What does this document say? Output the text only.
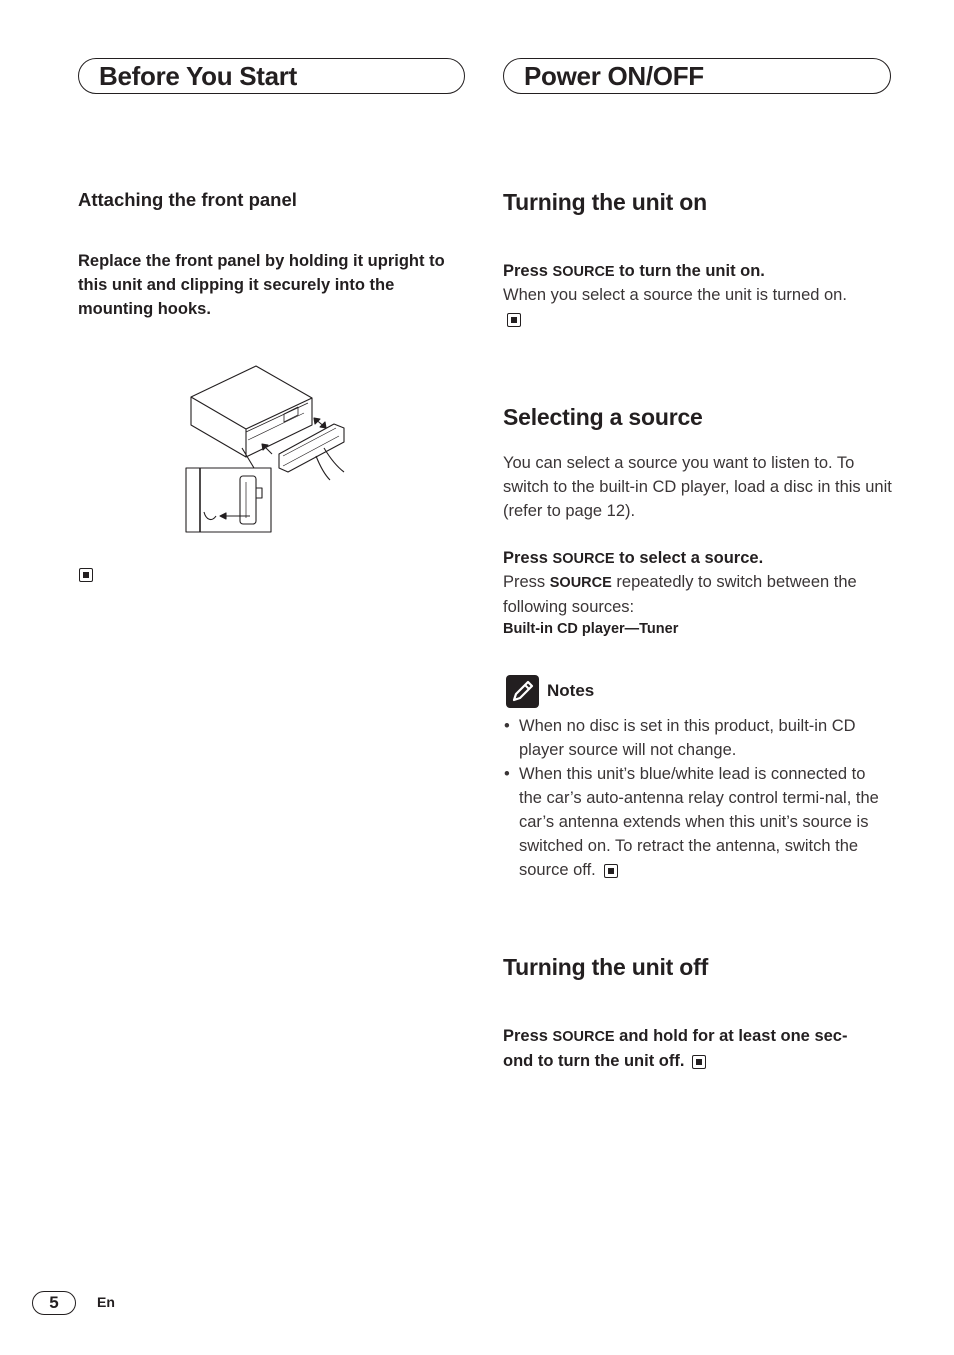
Before You Start	Power ON/OFF
Attaching the front panel
Replace the front panel by holding it upright to this unit and clipping it securely into the mounting hooks.
Turning the unit on
Press SOURCE to turn the unit on.
When you select a source the unit is turned on.

Selecting a source
You can select a source you want to listen to. To switch to the built-in CD player, load a disc in this unit (refer to page 12).
Press SOURCE to select a source.
Press SOURCE repeatedly to switch between the following sources:
Built-in CD player—Tuner
Notes
• When no disc is set in this product, built-in CD player source will not change.
• When this unit’s blue/white lead is connected to the car’s auto-antenna relay control termi-nal, the car’s antenna extends when this unit’s source is switched on. To retract the antenna, switch the source off.
Turning the unit off
Press SOURCE and hold for at least one sec-ond to turn the unit off.
5	En
